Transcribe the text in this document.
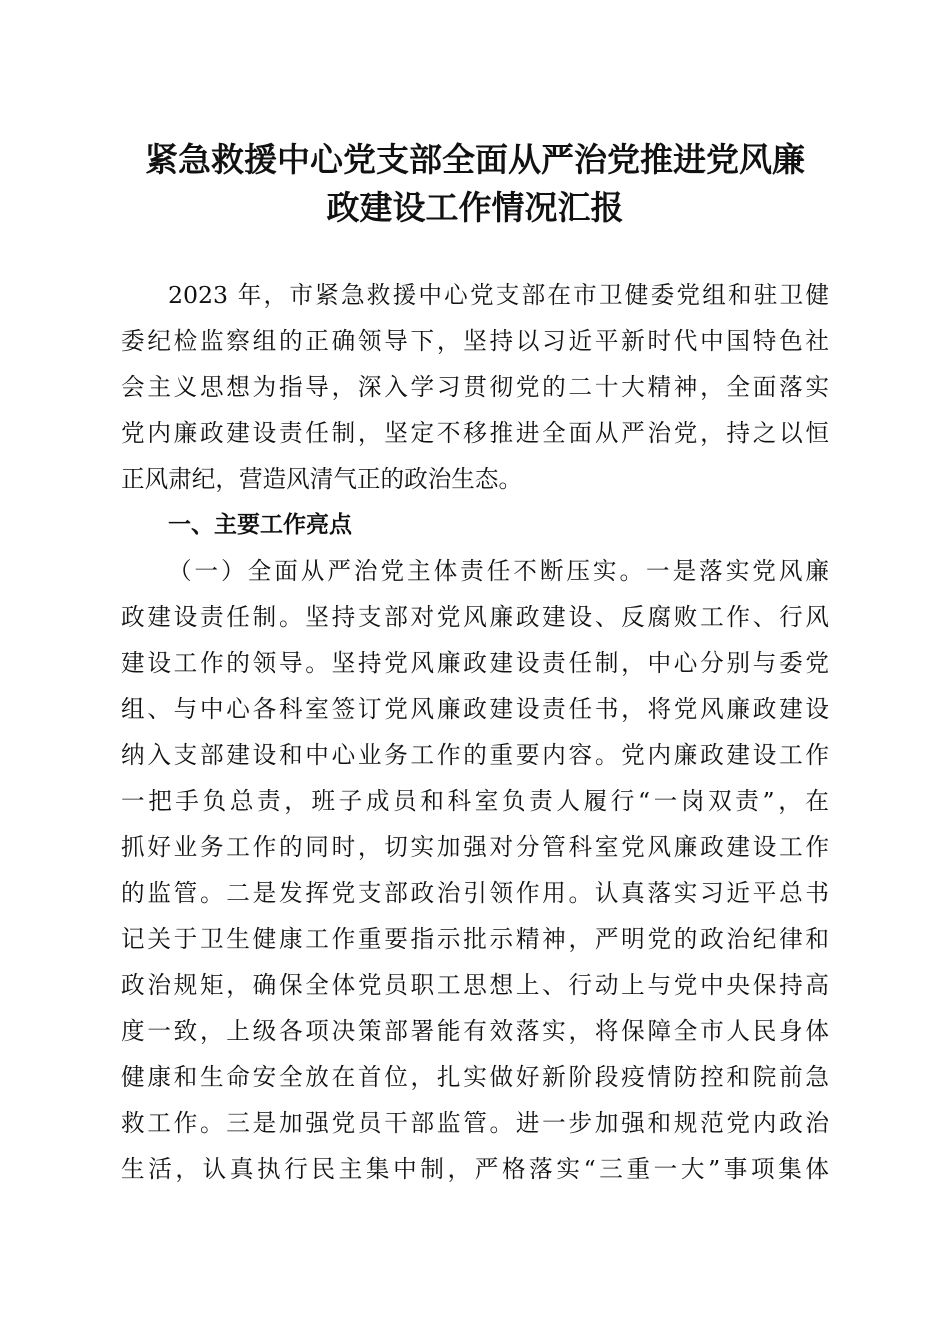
紧急救援中心党支部全面从严治党推进党风廉
政建设工作情况汇报
2023 年，市紧急救援中心党支部在市卫健委党组和驻卫健
委纪检监察组的正确领导下，坚持以习近平新时代中国特色社
会主义思想为指导，深入学习贯彻党的二十大精神，全面落实
党内廉政建设责任制，坚定不移推进全面从严治党，持之以恒
正风肃纪，营造风清气正的政治生态。
一、主要工作亮点
（一）全面从严治党主体责任不断压实。一是落实党风廉
政建设责任制。坚持支部对党风廉政建设、反腐败工作、行风
建设工作的领导。坚持党风廉政建设责任制，中心分别与委党
组、与中心各科室签订党风廉政建设责任书，将党风廉政建设
纳入支部建设和中心业务工作的重要内容。党内廉政建设工作
一把手负总责，班子成员和科室负责人履行“一岗双责”，在
抓好业务工作的同时，切实加强对分管科室党风廉政建设工作
的监管。二是发挥党支部政治引领作用。认真落实习近平总书
记关于卫生健康工作重要指示批示精神，严明党的政治纪律和
政治规矩，确保全体党员职工思想上、行动上与党中央保持高
度一致，上级各项决策部署能有效落实，将保障全市人民身体
健康和生命安全放在首位，扎实做好新阶段疫情防控和院前急
救工作。三是加强党员干部监管。进一步加强和规范党内政治
生活，认真执行民主集中制，严格落实“三重一大”事项集体
